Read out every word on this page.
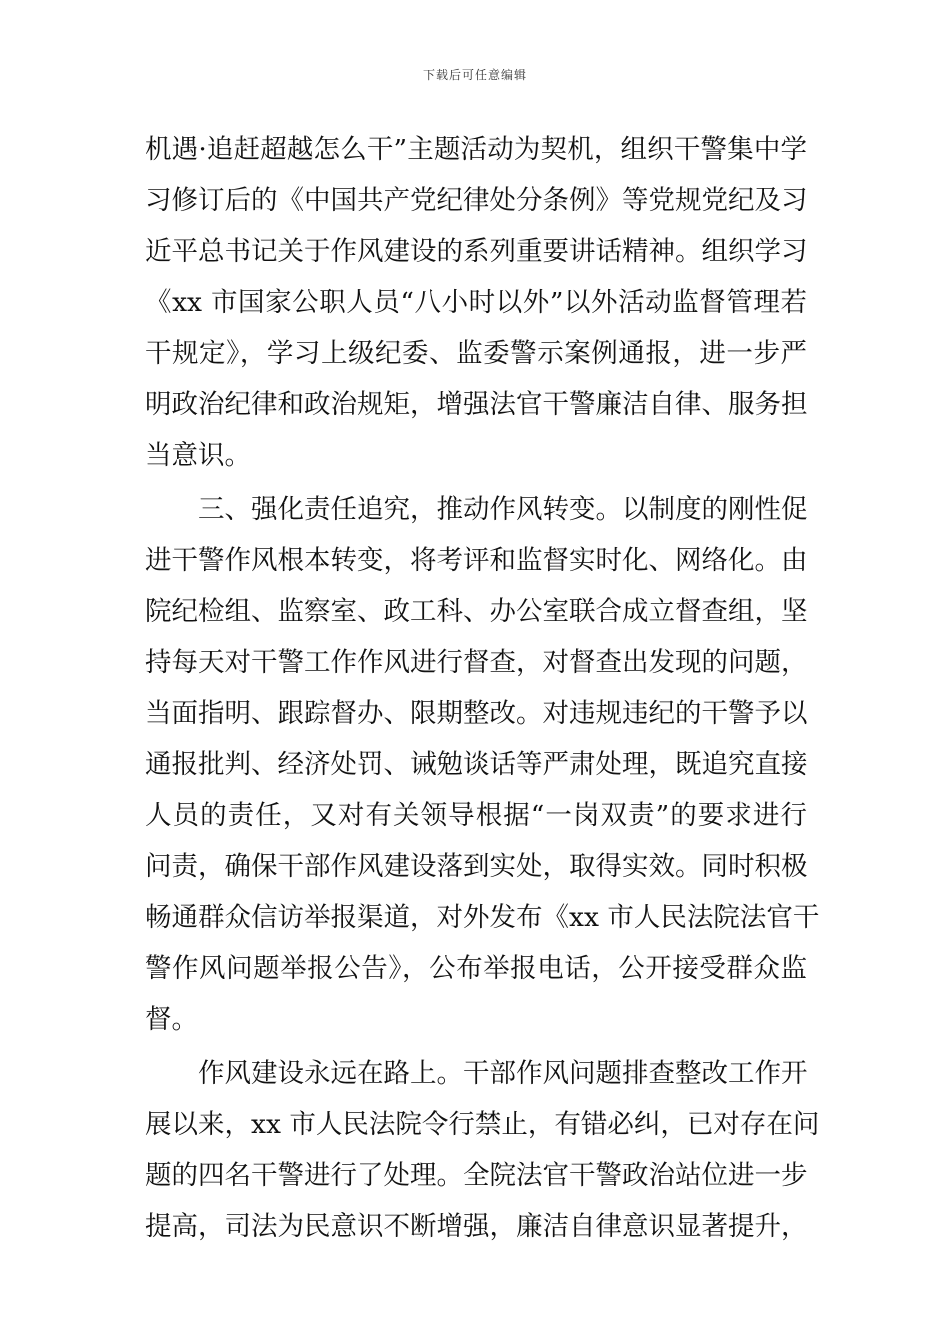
下载后可任意编辑
机遇·追赶超越怎么干”主题活动为契机，组织干警集中学
习修订后的《中国共产党纪律处分条例》等党规党纪及习
近平总书记关于作风建设的系列重要讲话精神。组织学习
《xx 市国家公职人员“八小时以外”以外活动监督管理若
干规定》，学习上级纪委、监委警示案例通报，进一步严
明政治纪律和政治规矩，增强法官干警廉洁自律、服务担
当意识。
三、强化责任追究，推动作风转变。以制度的刚性促
进干警作风根本转变，将考评和监督实时化、网络化。由
院纪检组、监察室、政工科、办公室联合成立督查组，坚
持每天对干警工作作风进行督查，对督查出发现的问题，
当面指明、跟踪督办、限期整改。对违规违纪的干警予以
通报批判、经济处罚、诫勉谈话等严肃处理，既追究直接
人员的责任，又对有关领导根据“一岗双责”的要求进行
问责，确保干部作风建设落到实处，取得实效。同时积极
畅通群众信访举报渠道，对外发布《xx 市人民法院法官干
警作风问题举报公告》，公布举报电话，公开接受群众监
督。
作风建设永远在路上。干部作风问题排查整改工作开
展以来，xx 市人民法院令行禁止，有错必纠，已对存在问
题的四名干警进行了处理。全院法官干警政治站位进一步
提高，司法为民意识不断增强，廉洁自律意识显著提升，
